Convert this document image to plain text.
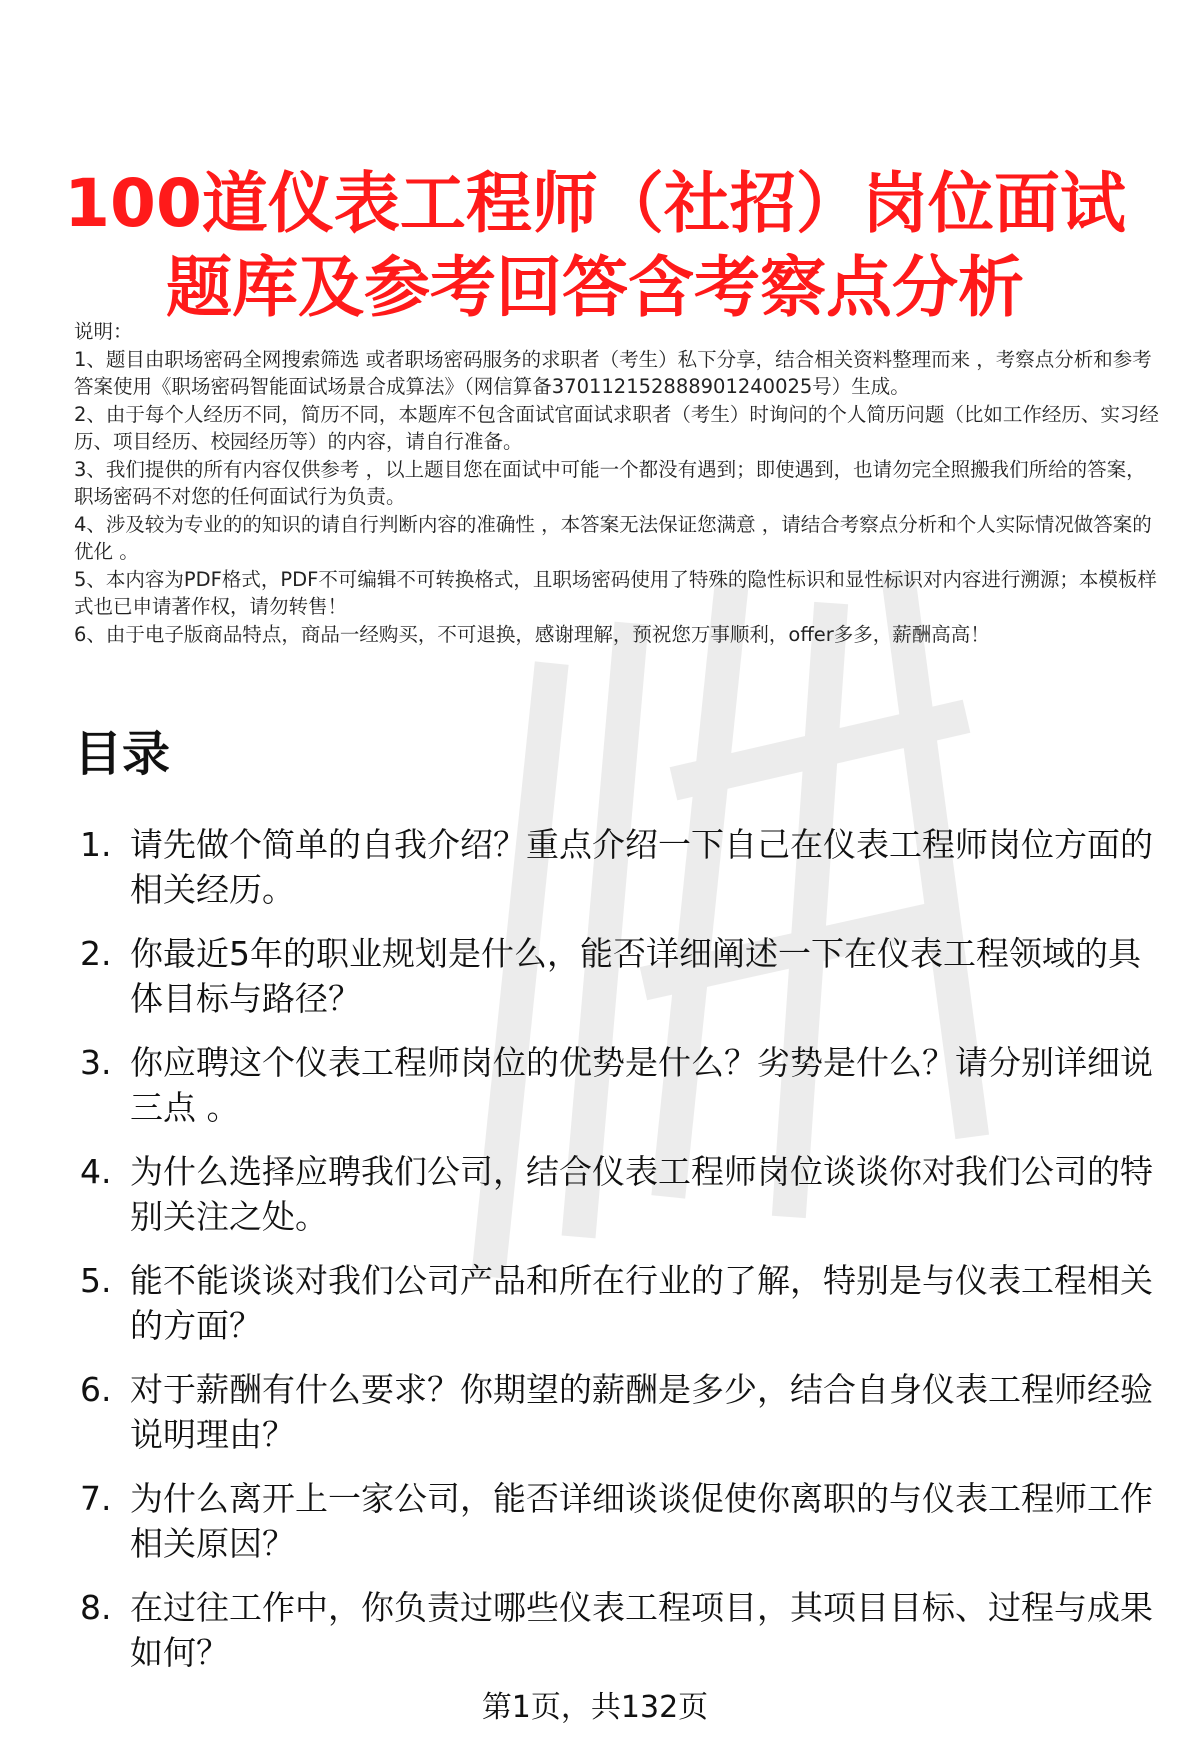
100道仪表工程师（社招）岗位面试
题库及参考回答含考察点分析

说明：

1、题目由职场密码全网搜索筛选 或者职场密码服务的求职者（考生）私下分享，结合相关资料整理而来 ，考察点分析和参考答案使用《职场密码智能面试场景合成算法》（网信算备370112152888901240025号）生成。

2、由于每个人经历不同，简历不同，本题库不包含面试官面试求职者（考生）时询问的个人简历问题（比如工作经历、实习经历、项目经历、校园经历等）的内容，请自行准备。

3、我们提供的所有内容仅供参考 ，以上题目您在面试中可能一个都没有遇到；即使遇到，也请勿完全照搬我们所给的答案，职场密码不对您的任何面试行为负责。

4、涉及较为专业的的知识的请自行判断内容的准确性 ，本答案无法保证您满意 ，请结合考察点分析和个人实际情况做答案的优化 。

5、本内容为PDF格式，PDF不可编辑不可转换格式，且职场密码使用了特殊的隐性标识和显性标识对内容进行溯源；本模板样式也已申请著作权，请勿转售！

6、由于电子版商品特点，商品一经购买，不可退换，感谢理解，预祝您万事顺利，offer多多，薪酬高高！

目录
1. 请先做个简单的自我介绍？重点介绍一下自己在仪表工程师岗位方面的相关经历。
2. 你最近5年的职业规划是什么，能否详细阐述一下在仪表工程领域的具体目标与路径？
3. 你应聘这个仪表工程师岗位的优势是什么？劣势是什么？请分别详细说三点 。
4. 为什么选择应聘我们公司，结合仪表工程师岗位谈谈你对我们公司的特别关注之处。
5. 能不能谈谈对我们公司产品和所在行业的了解，特别是与仪表工程相关的方面？
6. 对于薪酬有什么要求？你期望的薪酬是多少，结合自身仪表工程师经验说明理由？
7. 为什么离开上一家公司，能否详细谈谈促使你离职的与仪表工程师工作相关原因？
8. 在过往工作中，你负责过哪些仪表工程项目，其项目目标、过程与成果如何？
第1页，共132页
